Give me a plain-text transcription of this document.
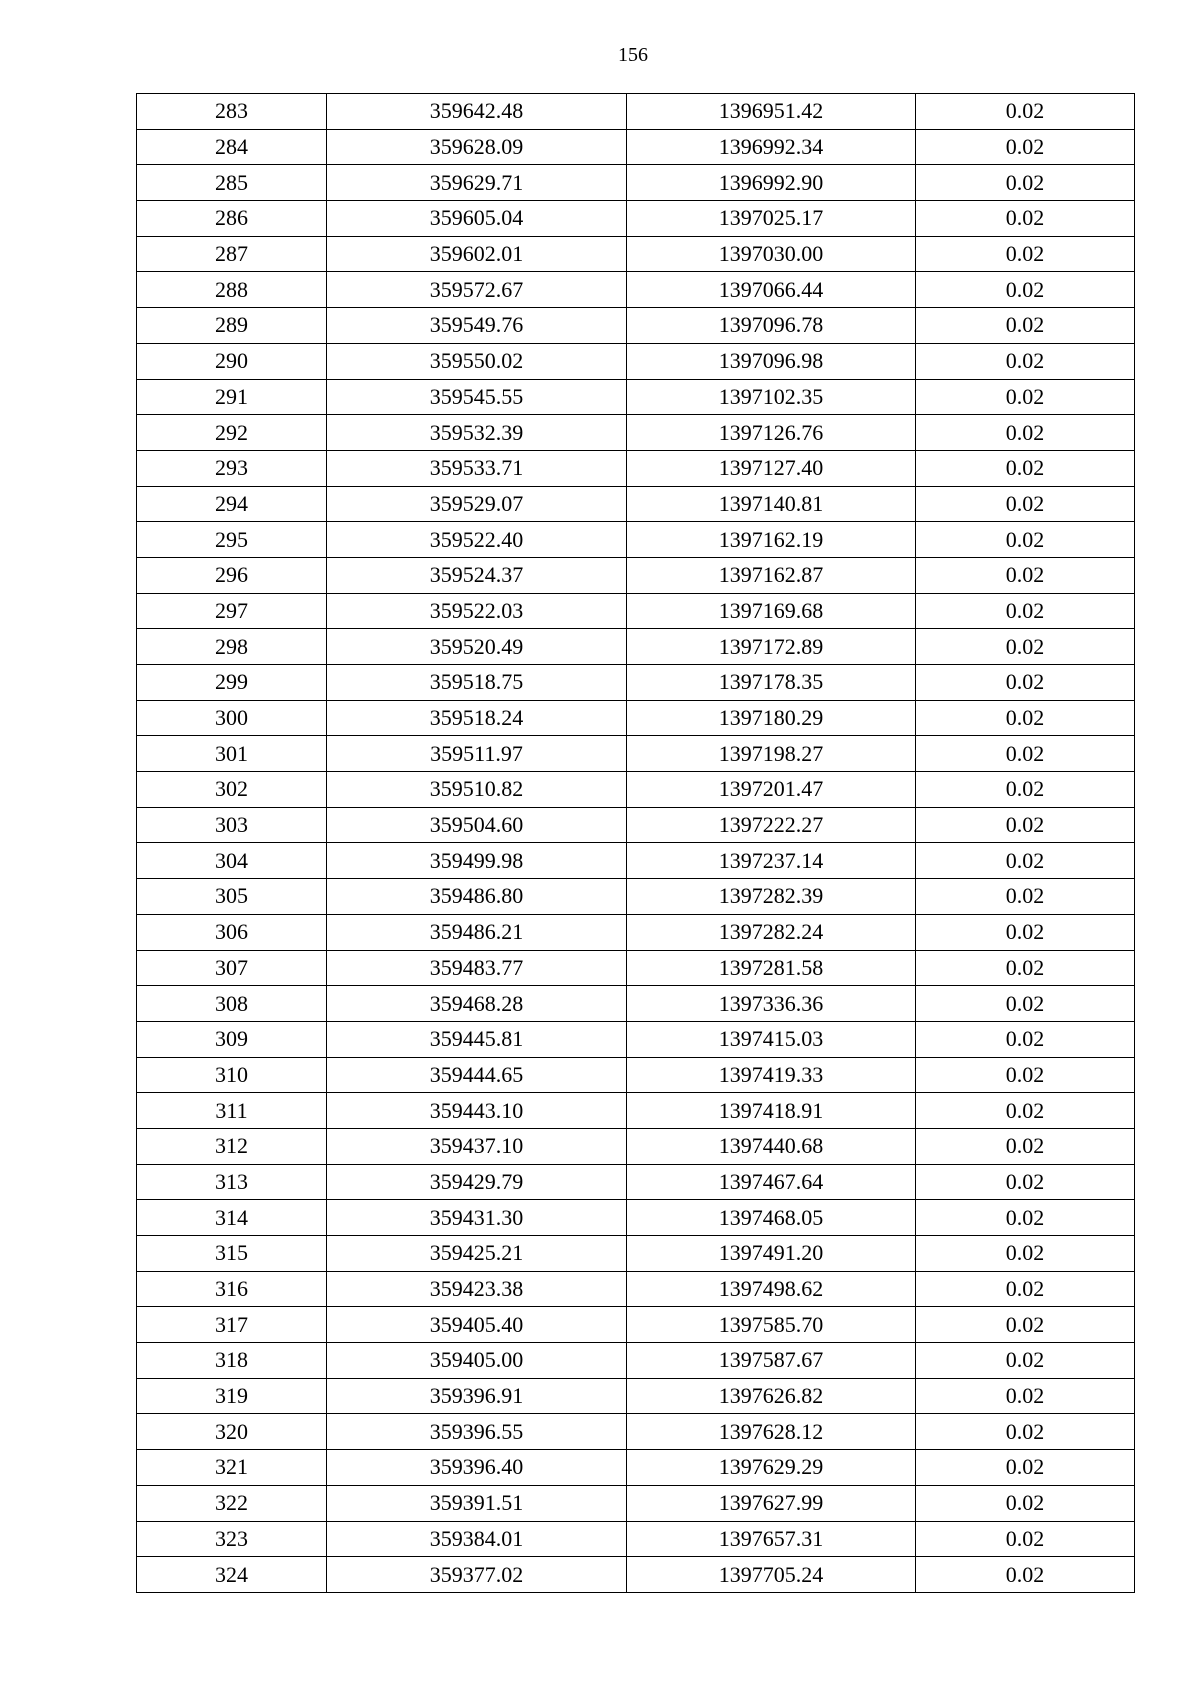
156
283	359642.48	1396951.42	0.02
284	359628.09	1396992.34	0.02
285	359629.71	1396992.90	0.02
286	359605.04	1397025.17	0.02
287	359602.01	1397030.00	0.02
288	359572.67	1397066.44	0.02
289	359549.76	1397096.78	0.02
290	359550.02	1397096.98	0.02
291	359545.55	1397102.35	0.02
292	359532.39	1397126.76	0.02
293	359533.71	1397127.40	0.02
294	359529.07	1397140.81	0.02
295	359522.40	1397162.19	0.02
296	359524.37	1397162.87	0.02
297	359522.03	1397169.68	0.02
298	359520.49	1397172.89	0.02
299	359518.75	1397178.35	0.02
300	359518.24	1397180.29	0.02
301	359511.97	1397198.27	0.02
302	359510.82	1397201.47	0.02
303	359504.60	1397222.27	0.02
304	359499.98	1397237.14	0.02
305	359486.80	1397282.39	0.02
306	359486.21	1397282.24	0.02
307	359483.77	1397281.58	0.02
308	359468.28	1397336.36	0.02
309	359445.81	1397415.03	0.02
310	359444.65	1397419.33	0.02
311	359443.10	1397418.91	0.02
312	359437.10	1397440.68	0.02
313	359429.79	1397467.64	0.02
314	359431.30	1397468.05	0.02
315	359425.21	1397491.20	0.02
316	359423.38	1397498.62	0.02
317	359405.40	1397585.70	0.02
318	359405.00	1397587.67	0.02
319	359396.91	1397626.82	0.02
320	359396.55	1397628.12	0.02
321	359396.40	1397629.29	0.02
322	359391.51	1397627.99	0.02
323	359384.01	1397657.31	0.02
324	359377.02	1397705.24	0.02
